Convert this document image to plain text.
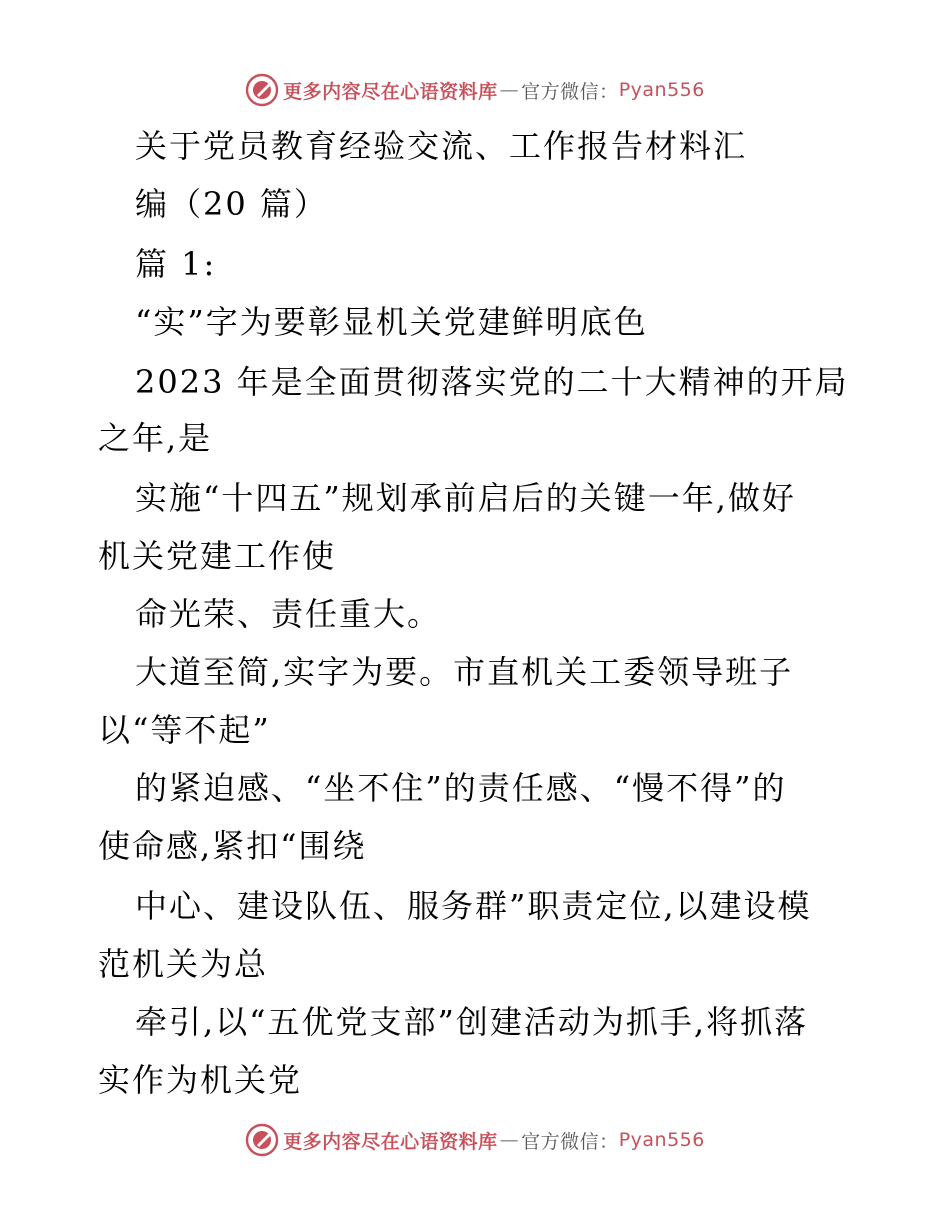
更多内容尽在心语资料库 — 官方微信： Pyan556
关于党员教育经验交流、工作报告材料汇
编（20 篇）
篇 1:
“实”字为要彰显机关党建鲜明底色
2023 年是全面贯彻落实党的二十大精神的开局
之年,是
实施“十四五”规划承前启后的关键一年,做好
机关党建工作使
命光荣、责任重大。
大道至简,实字为要。市直机关工委领导班子
以“等不起”
的紧迫感、“坐不住”的责任感、“慢不得”的
使命感,紧扣“围绕
中心、建设队伍、服务群”职责定位,以建设模
范机关为总
牵引,以“五优党支部”创建活动为抓手,将抓落
实作为机关党
更多内容尽在心语资料库 — 官方微信： Pyan556
